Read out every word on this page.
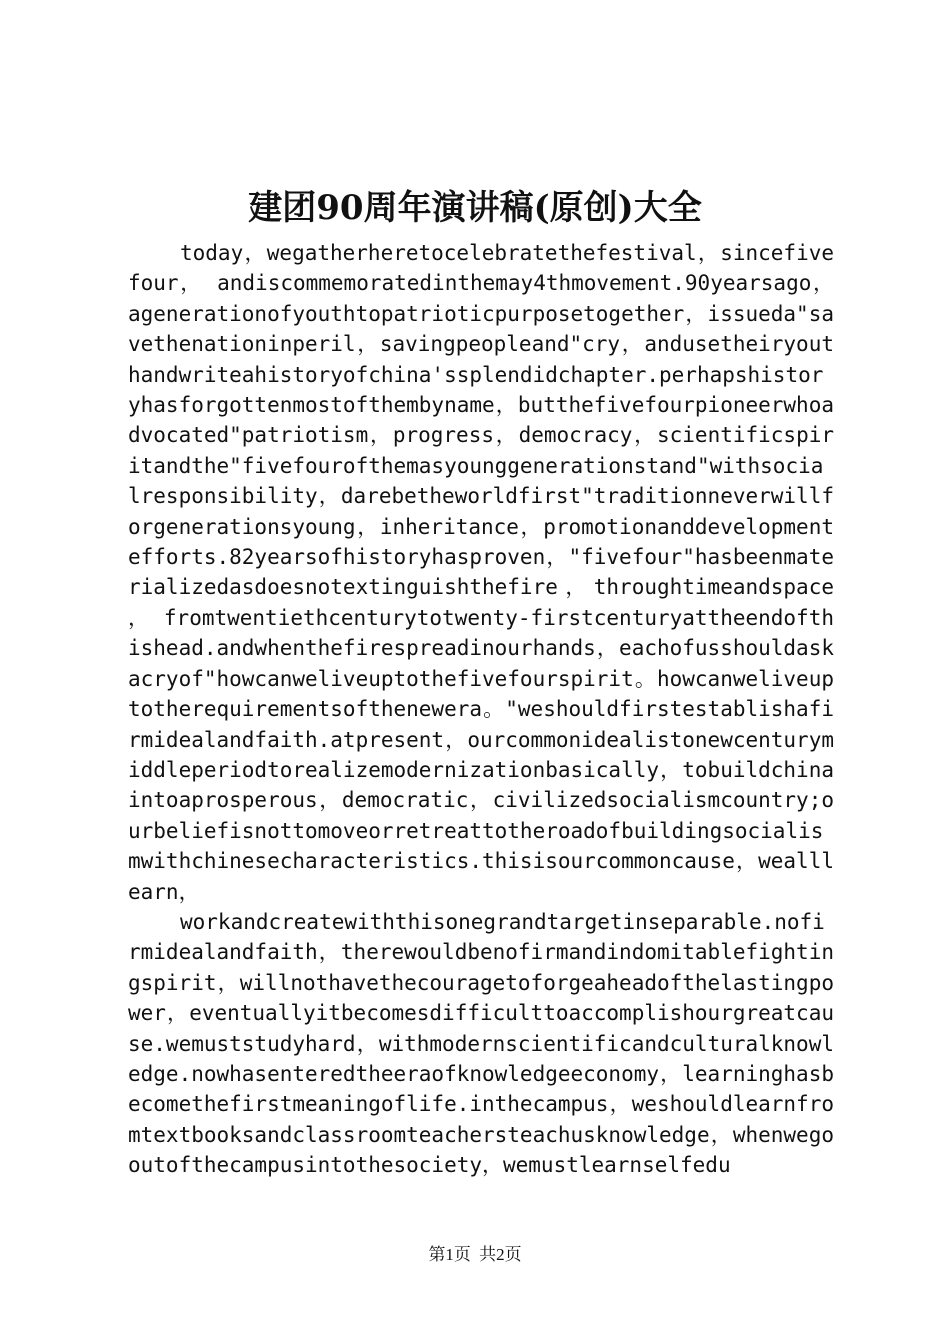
建团90周年演讲稿(原创)大全

today，wegatherheretocelebratethefestival，sincefivefour， andiscommemoratedinthemay4thmovement.90yearsago，agenerationofyouthtopatrioticpurposetogether，issueda"savethenationinperil，savingpeopleand"cry，andusetheiryouthandwriteahistoryofchina'ssplendidchapter.perhapshistoryhasforgottenmostofthembyname，butthefivefourpioneerwhoadvocated"patriotism，progress，democracy，scientificspiritandthe"fivefourofthemasyounggenerationstand"withsocialresponsibility，darebetheworldfirst"traditionneverwillforgenerationsyoung，inheritance，promotionanddevelopmentefforts.82yearsofhistoryhasproven，"fivefour"hasbeenmaterializedasdoesnotextinguishthefire，throughtimeandspace ， fromtwentiethcenturytotwenty-firstcenturyattheendofthishead.andwhenthefirespreadinourhands，eachofusshouldaskacryof"howcanweliveuptothefivefourspirit。howcanweliveuptotherequirementsofthenewera。"weshouldfirstestablishafirmidealandfaith.atpresent，ourcommonidealistonewcenturymiddleperiodtorealizemodernizationbasically，tobuildchinaintoaprosperous，democratic，civilizedsocialismcountry;ourbeliefisnottomoveorretreattotheroadofbuildingsocialismwithchinesecharacteristics.thisisourcommoncause，wealllearn，

workandcreatewiththisonegrandtargetinseparable.nofirmidealandfaith，therewouldbenofirmandindomitablefightingspirit，willnothavethecouragetoforgeaheadofthelastingpower，eventuallyitbecomesdifficulttoaccomplishourgreatcause.wemuststudyhard，withmodernscientificandculturalknowledge.nowhasenteredtheeraofknowledgeeconomy，learninghasbecomethefirstmeaningoflife.inthecampus，weshouldlearnfromtextbooksandclassroomteachersteachusknowledge，whenwegooutofthecampusintothesociety，wemustlearnselfedu

第1页 共2页
